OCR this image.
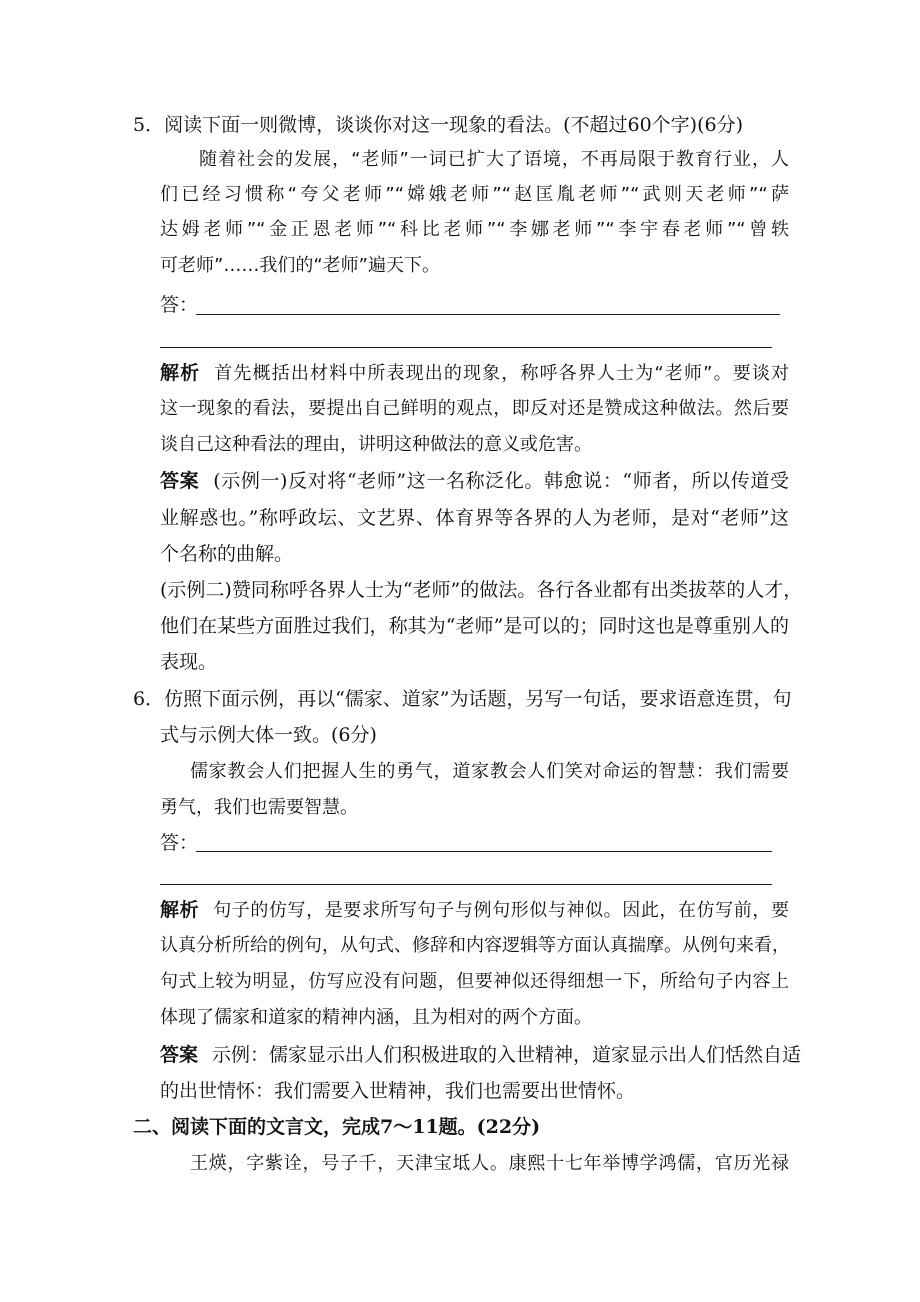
5．阅读下面一则微博，谈谈你对这一现象的看法。(不超过60个字)(6分)
随着社会的发展，“老师”一词已扩大了语境，不再局限于教育行业，人
们已经习惯称“夸父老师”“嫦娥老师”“赵匡胤老师”“武则天老师”“萨
达姆老师”“金正恩老师”“科比老师”“李娜老师”“李宇春老师”“曾轶
可老师”……我们的“老师”遍天下。
答：
解析 首先概括出材料中所表现出的现象，称呼各界人士为“老师”。要谈对
这一现象的看法，要提出自己鲜明的观点，即反对还是赞成这种做法。然后要
谈自己这种看法的理由，讲明这种做法的意义或危害。
答案 (示例一)反对将“老师”这一名称泛化。韩愈说：“师者，所以传道受
业解惑也。”称呼政坛、文艺界、体育界等各界的人为老师，是对“老师”这
个名称的曲解。
(示例二)赞同称呼各界人士为“老师”的做法。各行各业都有出类拔萃的人才，
他们在某些方面胜过我们，称其为“老师”是可以的；同时这也是尊重别人的
表现。
6．仿照下面示例，再以“儒家、道家”为话题，另写一句话，要求语意连贯，句
式与示例大体一致。(6分)
儒家教会人们把握人生的勇气，道家教会人们笑对命运的智慧：我们需要
勇气，我们也需要智慧。
答：
解析 句子的仿写，是要求所写句子与例句形似与神似。因此，在仿写前，要
认真分析所给的例句，从句式、修辞和内容逻辑等方面认真揣摩。从例句来看，
句式上较为明显，仿写应没有问题，但要神似还得细想一下，所给句子内容上
体现了儒家和道家的精神内涵，且为相对的两个方面。
答案 示例：儒家显示出人们积极进取的入世精神，道家显示出人们恬然自适
的出世情怀：我们需要入世精神，我们也需要出世情怀。
二、阅读下面的文言文，完成7～11题。(22分)
王煐，字紫诠，号子千，天津宝坻人。康熙十七年举博学鸿儒，官历光禄
